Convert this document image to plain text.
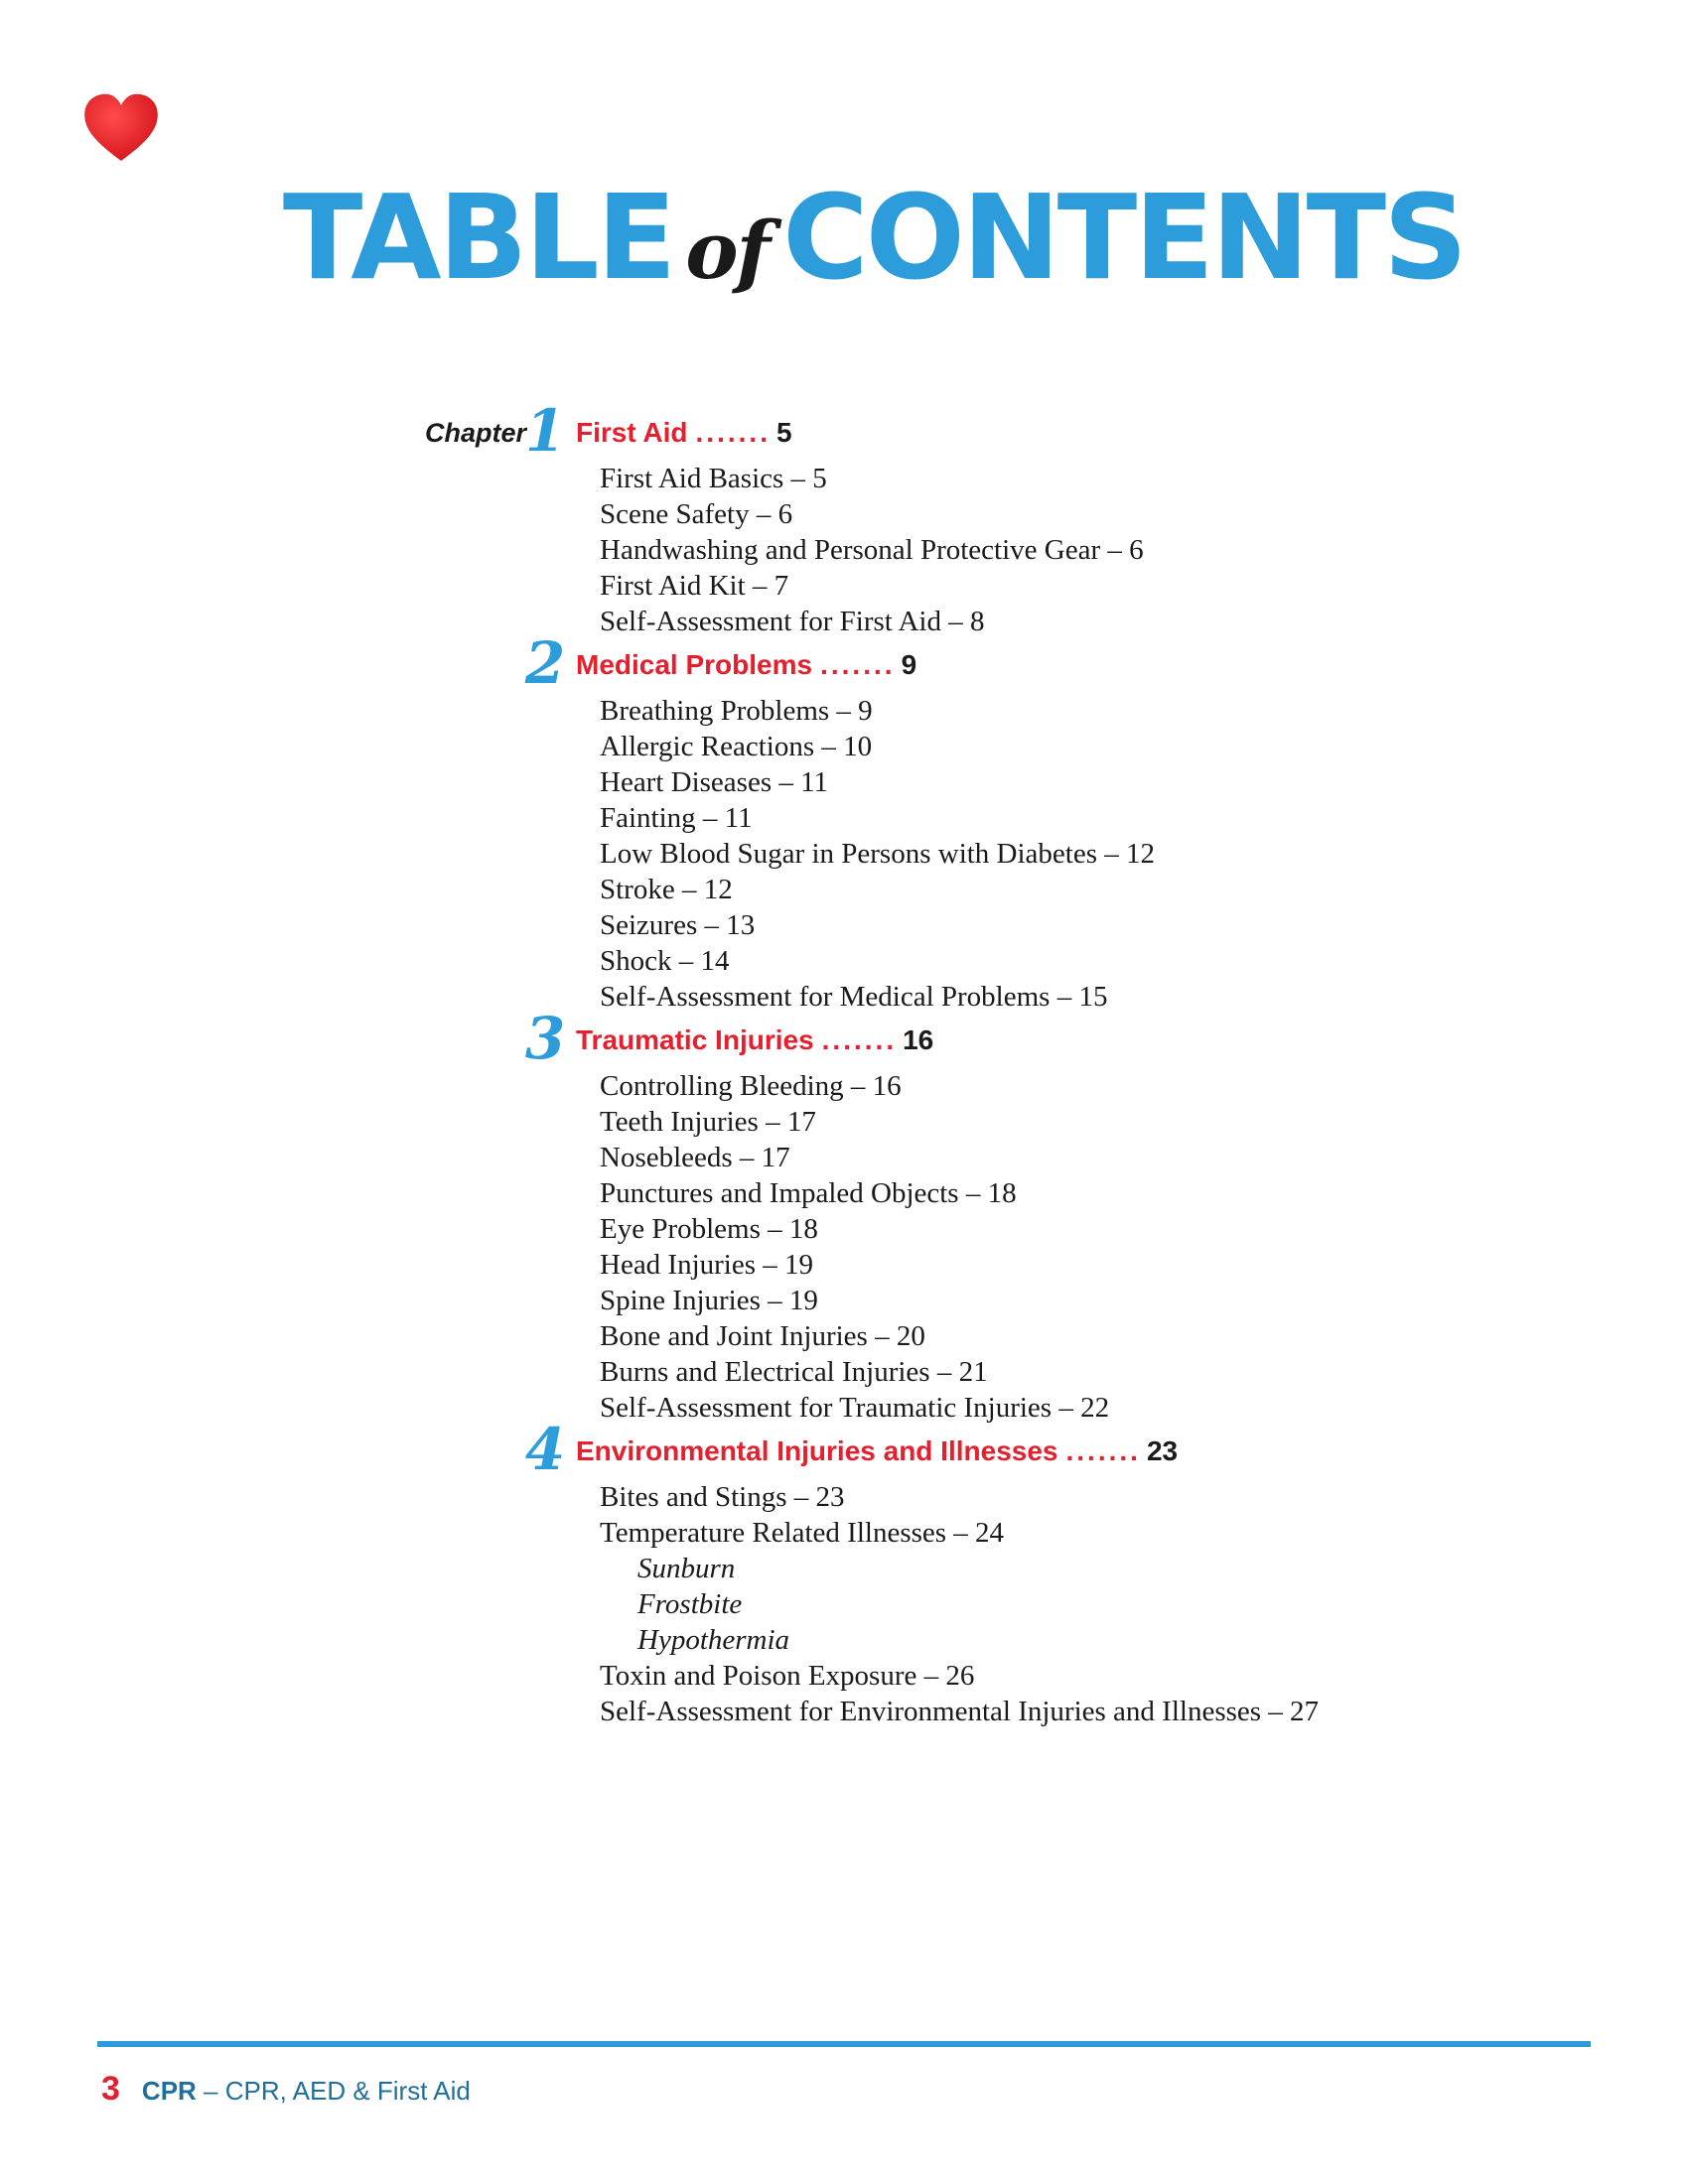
TABLE of CONTENTS
Chapter
1 First Aid ....... 5
First Aid Basics – 5
Scene Safety – 6
Handwashing and Personal Protective Gear – 6
First Aid Kit – 7
Self-Assessment for First Aid – 8
2 Medical Problems ....... 9
Breathing Problems – 9
Allergic Reactions – 10
Heart Diseases – 11
Fainting – 11
Low Blood Sugar in Persons with Diabetes – 12
Stroke – 12
Seizures – 13
Shock – 14
Self-Assessment for Medical Problems – 15
3 Traumatic Injuries ....... 16
Controlling Bleeding – 16
Teeth Injuries – 17
Nosebleeds – 17
Punctures and Impaled Objects – 18
Eye Problems – 18
Head Injuries – 19
Spine Injuries – 19
Bone and Joint Injuries – 20
Burns and Electrical Injuries – 21
Self-Assessment for Traumatic Injuries – 22
4 Environmental Injuries and Illnesses ....... 23
Bites and Stings – 23
Temperature Related Illnesses – 24
Sunburn
Frostbite
Hypothermia
Toxin and Poison Exposure – 26
Self-Assessment for Environmental Injuries and Illnesses – 27
3 CPR – CPR, AED & First Aid
